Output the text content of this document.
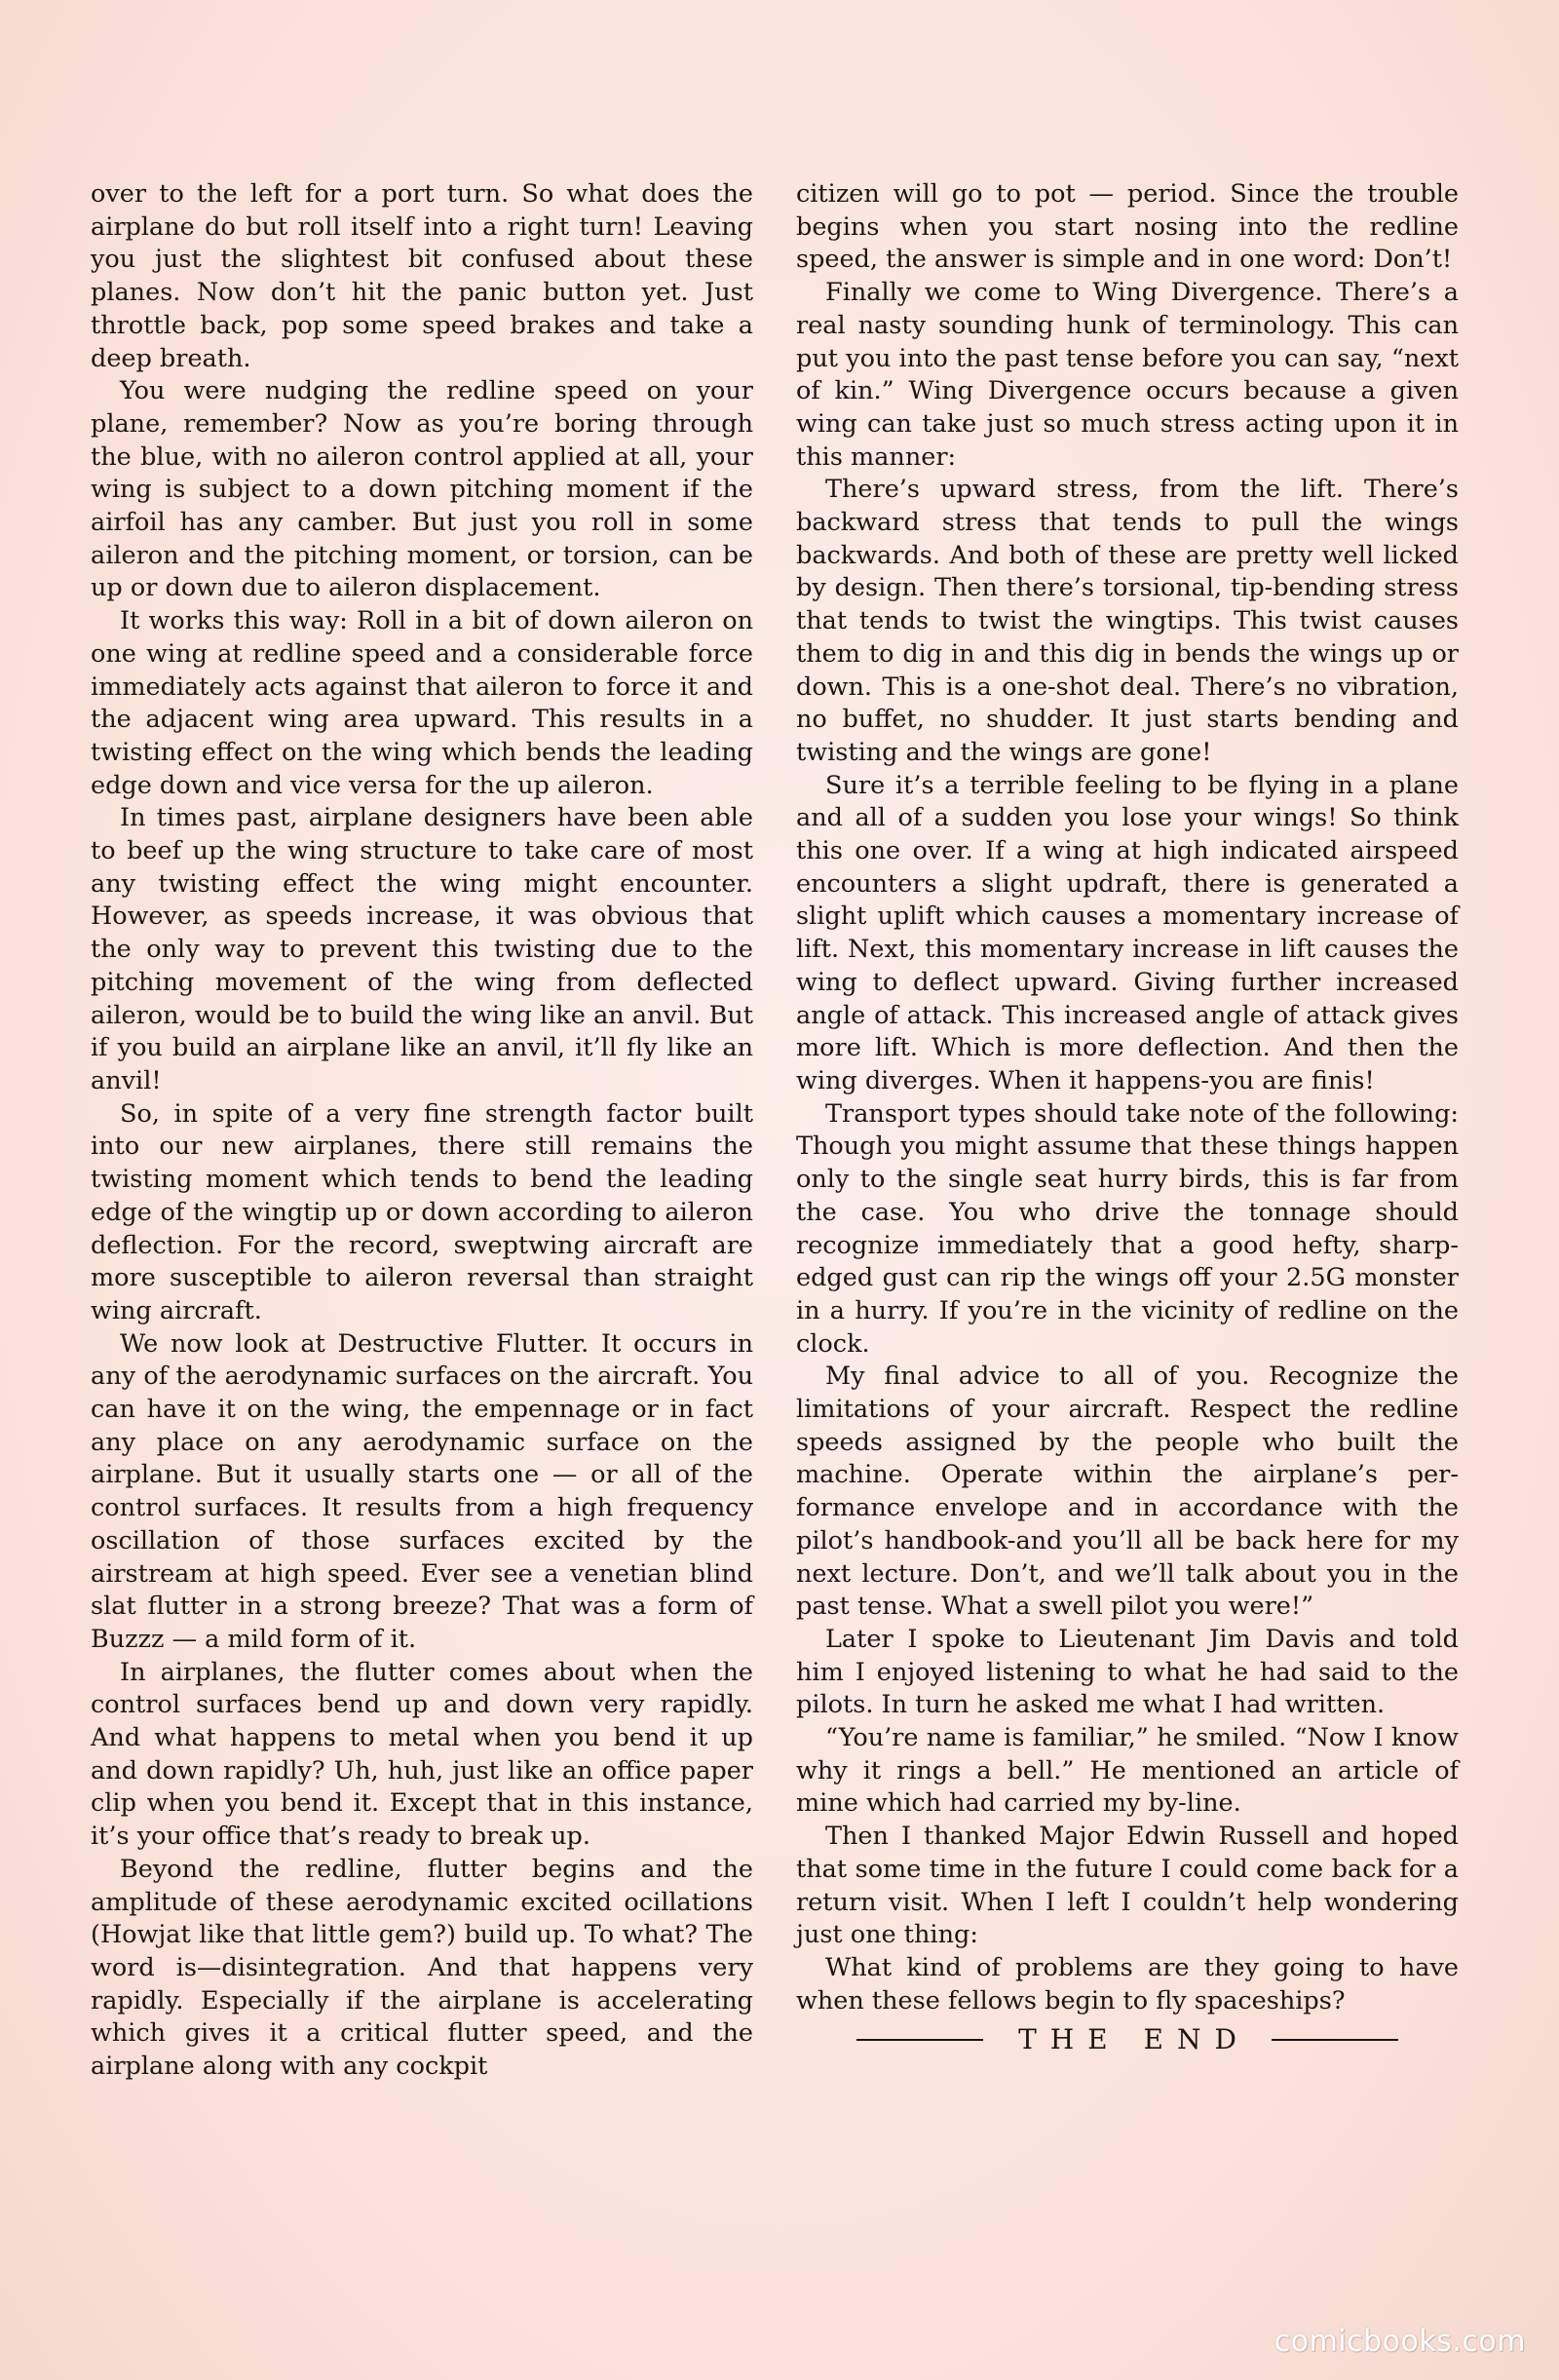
over to the left for a port turn. So what does the airplane do but roll itself into a right turn! Leaving you just the slightest bit confused about these planes. Now don’t hit the panic button yet. Just throttle back, pop some speed brakes and take a deep breath.

You were nudging the redline speed on your plane, remember? Now as you’re boring through the blue, with no aileron control applied at all, your wing is subject to a down pitching moment if the airfoil has any camber. But just you roll in some aileron and the pitching moment, or torsion, can be up or down due to aileron displacement.

It works this way: Roll in a bit of down aileron on one wing at redline speed and a considerable force immediately acts against that aileron to force it and the adjacent wing area upward. This results in a twisting effect on the wing which bends the leading edge down and vice versa for the up aileron.

In times past, airplane designers have been able to beef up the wing structure to take care of most any twisting effect the wing might encounter. However, as speeds increase, it was obvious that the only way to prevent this twisting due to the pitching movement of the wing from deflected aileron, would be to build the wing like an anvil. But if you build an airplane like an anvil, it’ll fly like an anvil!

So, in spite of a very fine strength factor built into our new airplanes, there still remains the twisting moment which tends to bend the leading edge of the wingtip up or down according to aileron deflection. For the record, sweptwing aircraft are more susceptible to aileron reversal than straight wing aircraft.

We now look at Destructive Flutter. It occurs in any of the aerodynamic surfaces on the aircraft. You can have it on the wing, the empennage or in fact any place on any aerodynamic surface on the airplane. But it usually starts one — or all of the control surfaces. It results from a high frequency oscillation of those surfaces excited by the airstream at high speed. Ever see a venetian blind slat flutter in a strong breeze? That was a form of Buzzz — a mild form of it.

In airplanes, the flutter comes about when the control surfaces bend up and down very rapidly. And what happens to metal when you bend it up and down rapidly? Uh, huh, just like an office paper clip when you bend it. Except that in this instance, it’s your office that’s ready to break up.

Beyond the redline, flutter begins and the amplitude of these aerodynamic excited ocillations (Howjat like that little gem?) build up. To what? The word is—disintegration. And that happens very rapidly. Especially if the airplane is accelerating which gives it a critical flutter speed, and the airplane along with any cockpit

citizen will go to pot — period. Since the trouble begins when you start nosing into the redline speed, the answer is simple and in one word: Don’t!

Finally we come to Wing Divergence. There’s a real nasty sounding hunk of terminology. This can put you into the past tense before you can say, “next of kin.” Wing Divergence occurs because a given wing can take just so much stress acting upon it in this manner:

There’s upward stress, from the lift. There’s backward stress that tends to pull the wings backwards. And both of these are pretty well licked by design. Then there’s torsional, tip-bending stress that tends to twist the wingtips. This twist causes them to dig in and this dig in bends the wings up or down. This is a one-shot deal. There’s no vibration, no buffet, no shudder. It just starts bending and twisting and the wings are gone!

Sure it’s a terrible feeling to be flying in a plane and all of a sudden you lose your wings! So think this one over. If a wing at high indicated airspeed encounters a slight updraft, there is generated a slight uplift which causes a momentary increase of lift. Next, this momentary increase in lift causes the wing to deflect upward. Giving further increased angle of attack. This increased angle of attack gives more lift. Which is more deflection. And then the wing diverges. When it happens-you are finis!

Transport types should take note of the following: Though you might assume that these things happen only to the single seat hurry birds, this is far from the case. You who drive the tonnage should recognize immediately that a good hefty, sharp-edged gust can rip the wings off your 2.5G monster in a hurry. If you’re in the vicinity of redline on the clock.

My final advice to all of you. Recognize the limitations of your aircraft. Respect the redline speeds assigned by the people who built the machine. Operate within the airplane’s performance envelope and in accordance with the pilot’s handbook-and you’ll all be back here for my next lecture. Don’t, and we’ll talk about you in the past tense. What a swell pilot you were!”

Later I spoke to Lieutenant Jim Davis and told him I enjoyed listening to what he had said to the pilots. In turn he asked me what I had written.

“You’re name is familiar,” he smiled. “Now I know why it rings a bell.” He mentioned an article of mine which had carried my by-line.

Then I thanked Major Edwin Russell and hoped that some time in the future I could come back for a return visit. When I left I couldn’t help wondering just one thing:

What kind of problems are they going to have when these fellows begin to fly spaceships?

THE END
comicbooks.com
